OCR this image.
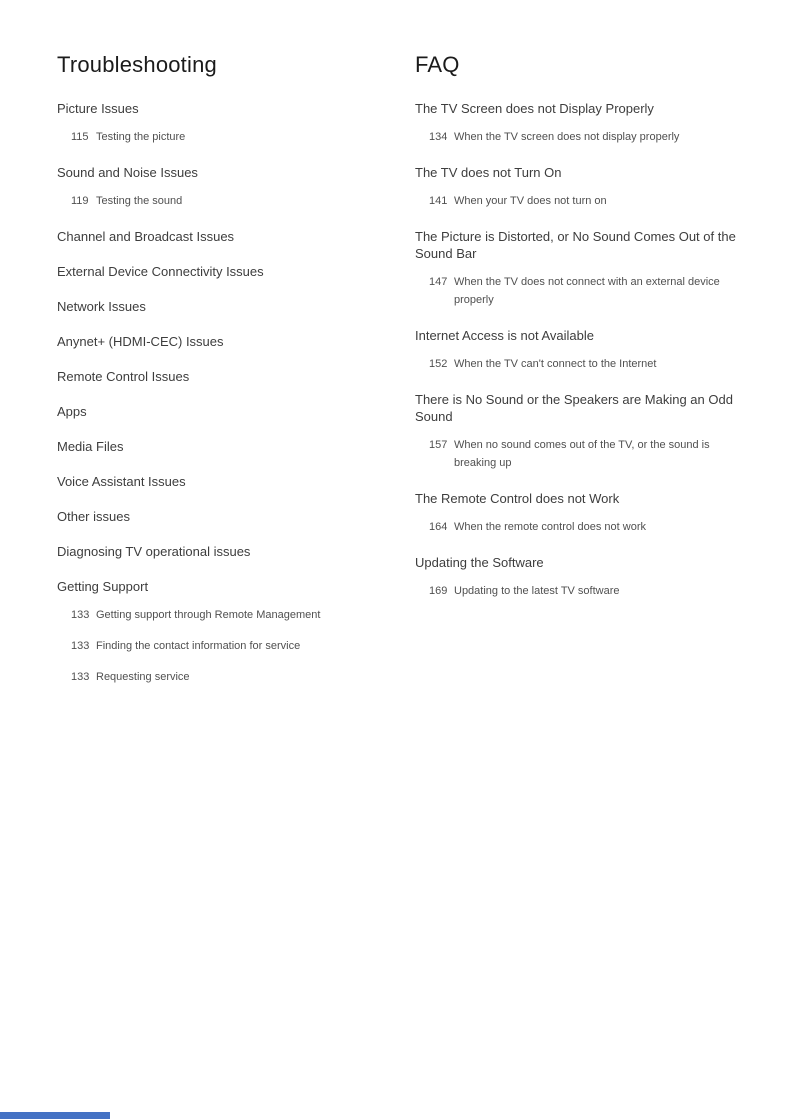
Troubleshooting
Picture Issues
115 Testing the picture
Sound and Noise Issues
119 Testing the sound
Channel and Broadcast Issues
External Device Connectivity Issues
Network Issues
Anynet+ (HDMI-CEC) Issues
Remote Control Issues
Apps
Media Files
Voice Assistant Issues
Other issues
Diagnosing TV operational issues
Getting Support
133 Getting support through Remote Management
133 Finding the contact information for service
133 Requesting service
FAQ
The TV Screen does not Display Properly
134 When the TV screen does not display properly
The TV does not Turn On
141 When your TV does not turn on
The Picture is Distorted, or No Sound Comes Out of the Sound Bar
147 When the TV does not connect with an external device properly
Internet Access is not Available
152 When the TV can't connect to the Internet
There is No Sound or the Speakers are Making an Odd Sound
157 When no sound comes out of the TV, or the sound is breaking up
The Remote Control does not Work
164 When the remote control does not work
Updating the Software
169 Updating to the latest TV software
